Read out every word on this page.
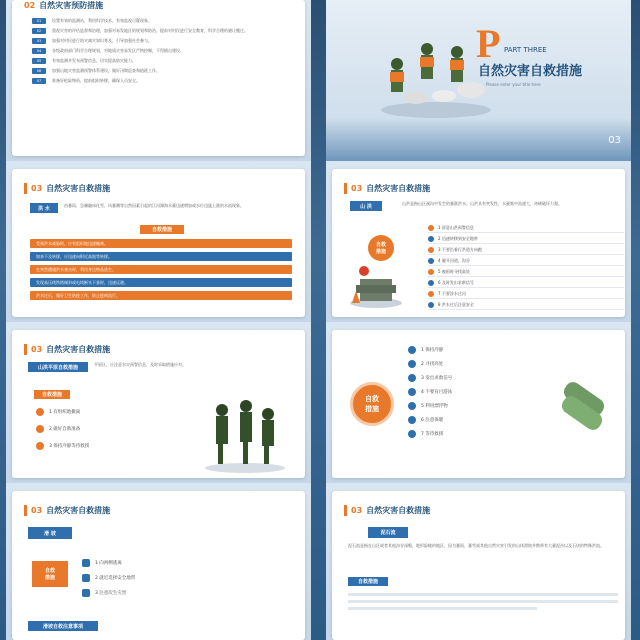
02 自然灾害预防措施
01	设置有效的监测站，利用科学技术，有效监视可疑现象。
02	重视灾害的评估监督和治理，加强对易发地区的规划和防治，提前对村民进行安全教育，科学合理的避让搬迁。
03	加强对村民进行防灾减灾知识普及，引导加强社会参与。
04	各级政府部门科学合理规划，对地质灾害易发区严格控制，不得擅自建设。
05	有效监测并发布预警信息，切实提高防灾能力。
06	加强山地灾害监测预警体系建设，做好汛期巡查和值班工作。
07	准备好抢险物资，提前组织转移，确保人员安全。
P PART THREE
自然灾害自救措施
Please enter your title here
03
03 自然灾害自救措施
洪 水	由暴雨、急骤融冰化雪、风暴潮等自然因素引起的江河湖海水量迅速增加或水位迅猛上涨的水流现象。
自救措施
受到洪水威胁时，应有组织地迅速撤离。
如来不及转移，应迅速向附近高地等转移。
在突然遭遇洪水袭击时，利用身边物品逃生。
发现高压线铁塔倾斜或电线断头下垂时，迅速远避。
洪水过后，做好卫生防疫工作，防止疫病流行。
03 自然灾害自救措施
山 洪	山洪是指山区溪沟中发生的暴涨洪水。山洪具有突发性，水量集中流速大，冲刷破坏力强。
自救
措施
1 留意山洪预警信息
2 迅速转移到安全地带
3 不要沿着行洪道方向跑
4 避开河道、沟谷
5 被困时寻找高处
6 及时发出求救信号
7 不要涉水过河
8 洪水过后注意安全
03 自然灾害自救措施
山洪平原自救措施	平原区，应注意水灾预警信息，及时采取措施应对。
自救措施
1 有组织地撤离
2 做好自救准备
3 保持冷静等待救援
自救
措施
1 保持冷静
2 寻找高处
3 发出求救信号
4 不要盲目游泳
5 利用漂浮物
6 注意保暖
7 等待救援
03 自然灾害自救措施
滑 坡
自救
措施
1 向两侧逃离
2 就近选择安全地带
3 注意次生灾害
滑坡自救注意事项
03 自然灾害自救措施
泥石流
泥石流是指在山区或者其他沟谷深壑，地形险峻的地区，因为暴雨、暴雪或其他自然灾害引发的山体滑坡并携带有大量泥沙以及石块的特殊洪流。
自救措施
